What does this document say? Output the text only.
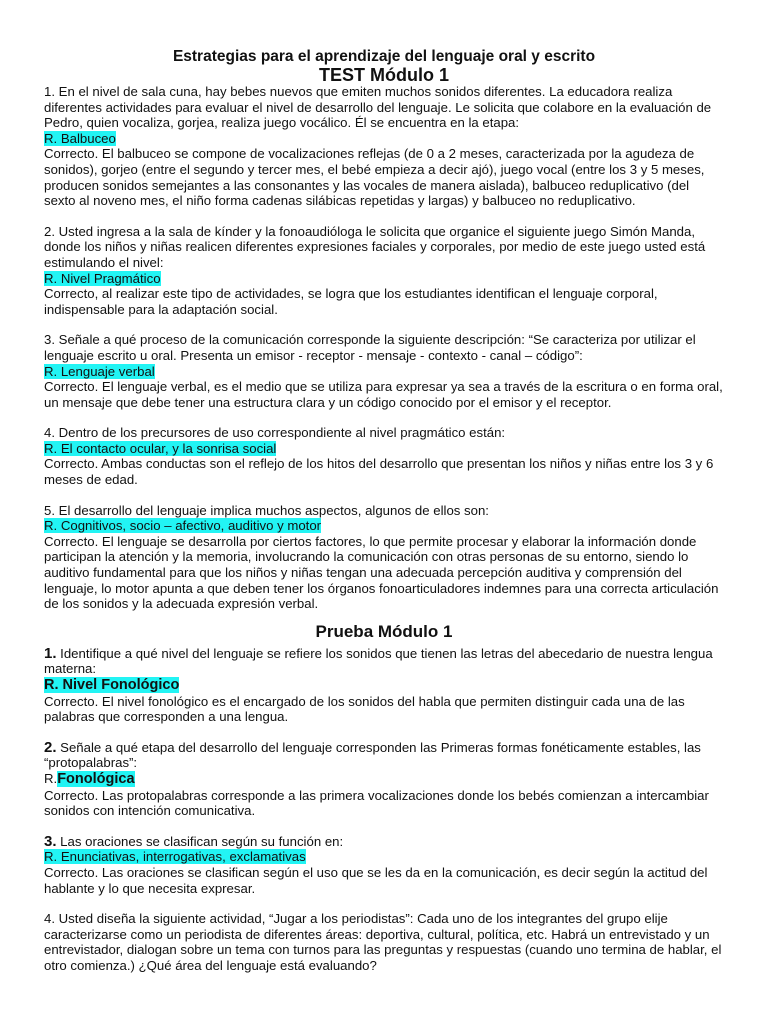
Estrategias para el aprendizaje del lenguaje oral y escrito
TEST Módulo 1

1. En el nivel de sala cuna, hay bebes nuevos que emiten muchos sonidos diferentes. La educadora realiza diferentes actividades para evaluar el nivel de desarrollo del lenguaje. Le solicita que colabore en la evaluación de Pedro, quien vocaliza, gorjea, realiza juego vocálico. Él se encuentra en la etapa:

R. Balbuceo

Correcto. El balbuceo se compone de vocalizaciones reflejas (de 0 a 2 meses, caracterizada por la agudeza de sonidos), gorjeo (entre el segundo y tercer mes, el bebé empieza a decir ajó), juego vocal (entre los 3 y 5 meses, producen sonidos semejantes a las consonantes y las vocales de manera aislada), balbuceo reduplicativo (del sexto al noveno mes, el niño forma cadenas silábicas repetidas y largas) y balbuceo no reduplicativo.

2. Usted ingresa a la sala de kínder y la fonoaudióloga le solicita que organice el siguiente juego Simón Manda, donde los niños y niñas realicen diferentes expresiones faciales y corporales, por medio de este juego usted está estimulando el nivel:

R. Nivel Pragmático

Correcto, al realizar este tipo de actividades, se logra que los estudiantes identifican el lenguaje corporal, indispensable para la adaptación social.

3. Señale a qué proceso de la comunicación corresponde la siguiente descripción: “Se caracteriza por utilizar el lenguaje escrito u oral. Presenta un emisor - receptor - mensaje - contexto - canal – código”:

R. Lenguaje verbal

Correcto. El lenguaje verbal, es el medio que se utiliza para expresar ya sea a través de la escritura o en forma oral, un mensaje que debe tener una estructura clara y un código conocido por el emisor y el receptor.

4. Dentro de los precursores de uso correspondiente al nivel pragmático están:

R. El contacto ocular, y la sonrisa social

Correcto. Ambas conductas son el reflejo de los hitos del desarrollo que presentan los niños y niñas entre los 3 y 6 meses de edad.

5. El desarrollo del lenguaje implica muchos aspectos, algunos de ellos son:

R. Cognitivos, socio – afectivo, auditivo y motor

Correcto. El lenguaje se desarrolla por ciertos factores, lo que permite procesar y elaborar la información donde participan la atención y la memoria, involucrando la comunicación con otras personas de su entorno, siendo lo auditivo fundamental para que los niños y niñas tengan una adecuada percepción auditiva y comprensión del lenguaje, lo motor apunta a que deben tener los órganos fonoarticuladores indemnes para una correcta articulación de los sonidos y la adecuada expresión verbal.

Prueba Módulo 1

1. Identifique a qué nivel del lenguaje se refiere los sonidos que tienen las letras del abecedario de nuestra lengua materna:

R. Nivel Fonológico

Correcto. El nivel fonológico es el encargado de los sonidos del habla que permiten distinguir cada una de las palabras que corresponden a una lengua.

2. Señale a qué etapa del desarrollo del lenguaje corresponden las Primeras formas fonéticamente estables, las “protopalabras”:

R.Fonológica

Correcto. Las protopalabras corresponde a las primera vocalizaciones donde los bebés comienzan a intercambiar sonidos con intención comunicativa.

3. Las oraciones se clasifican según su función en:

R. Enunciativas, interrogativas, exclamativas

Correcto. Las oraciones se clasifican según el uso que se les da en la comunicación, es decir según la actitud del hablante y lo que necesita expresar.

4. Usted diseña la siguiente actividad, “Jugar a los periodistas”: Cada uno de los integrantes del grupo elije caracterizarse como un periodista de diferentes áreas: deportiva, cultural, política, etc. Habrá un entrevistado y un entrevistador, dialogan sobre un tema con turnos para las preguntas y respuestas (cuando uno termina de hablar, el otro comienza.) ¿Qué área del lenguaje está evaluando?
